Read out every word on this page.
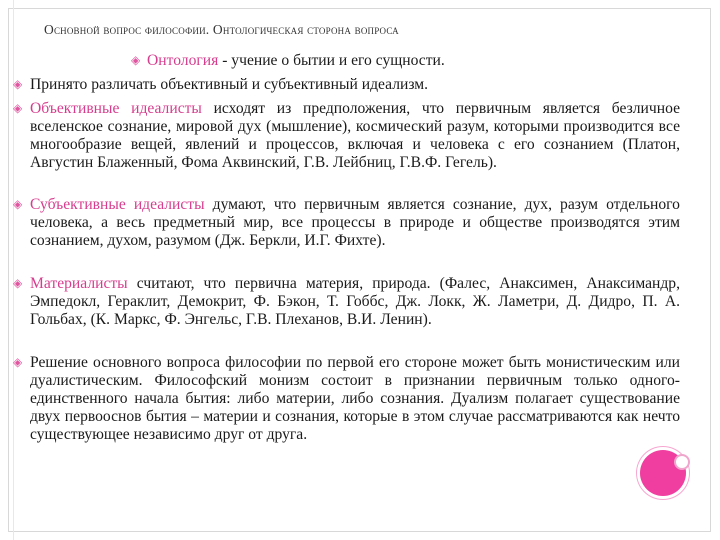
Основной вопрос философии. Онтологическая сторона вопроса
◈ Онтология - учение о бытии и его сущности.
◈ Принято различать объективный и субъективный идеализм.
◈ Объективные идеалисты исходят из предположения, что первичным является безличное вселенское сознание, мировой дух (мышление), космический разум, которыми производится все многообразие вещей, явлений и процессов, включая и человека с его сознанием (Платон, Августин Блаженный, Фома Аквинский, Г.В. Лейбниц, Г.В.Ф. Гегель).
◈ Субъективные идеалисты думают, что первичным является сознание, дух, разум отдельного человека, а весь предметный мир, все процессы в природе и обществе производятся этим сознанием, духом, разумом (Дж. Беркли, И.Г. Фихте).
◈ Материалисты считают, что первична материя, природа. (Фалес, Анаксимен, Анаксимандр, Эмпедокл, Гераклит, Демокрит, Ф. Бэкон, Т. Гоббс, Дж. Локк, Ж. Ламетри, Д. Дидро, П. А. Гольбах, (К. Маркс, Ф. Энгельс, Г.В. Плеханов, В.И. Ленин).
◈ Решение основного вопроса философии по первой его стороне может быть монистическим или дуалистическим. Философский монизм состоит в признании первичным только одного-единственного начала бытия: либо материи, либо сознания. Дуализм полагает существование двух первооснов бытия – материи и сознания, которые в этом случае рассматриваются как нечто существующее независимо друг от друга.
